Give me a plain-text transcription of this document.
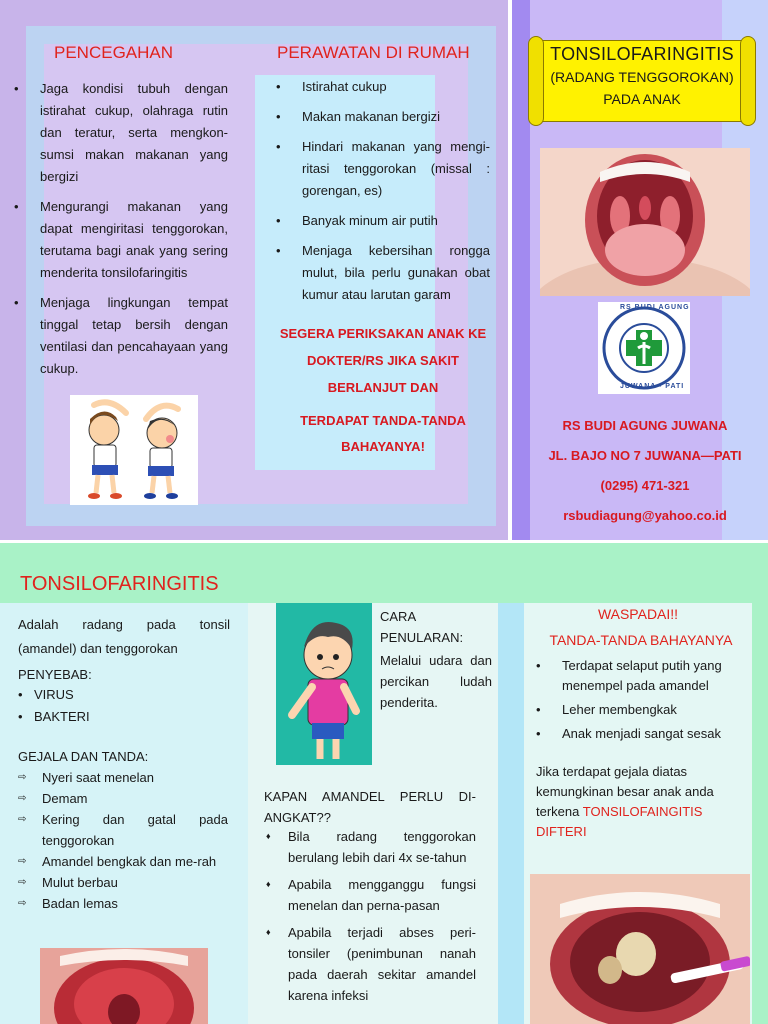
PENCEGAHAN
• Jaga kondisi tubuh dengan istirahat cukup, olahraga rutin dan teratur, serta mengkon-sumsi makan makanan yang bergizi
• Mengurangi makanan yang dapat mengiritasi tenggorokan, terutama bagi anak yang sering menderita tonsilofaringitis
• Menjaga lingkungan tempat tinggal tetap bersih dengan ventilasi dan pencahayaan yang cukup.
PERAWATAN DI RUMAH
• Istirahat cukup
• Makan makanan bergizi
• Hindari makanan yang mengi-ritasi tenggorokan (missal : gorengan, es)
• Banyak minum air putih
• Menjaga kebersihan rongga mulut, bila perlu gunakan obat kumur atau larutan garam
SEGERA PERIKSAKAN ANAK KE DOKTER/RS JIKA SAKIT BERLANJUT DAN
TERDAPAT TANDA-TANDA BAHAYANYA!
TONSILOFARINGITIS
(RADANG TENGGOROKAN)
PADA ANAK
RS BUDI AGUNG
JUWANA - PATI
RS BUDI AGUNG JUWANA
JL. BAJO NO 7 JUWANA—PATI
(0295) 471-321
rsbudiagung@yahoo.co.id
TONSILOFARINGITIS
Adalah radang pada tonsil (amandel) dan tenggorokan
PENYEBAB:
• VIRUS
• BAKTERI
GEJALA DAN TANDA:
⇨ Nyeri saat menelan
⇨ Demam
⇨ Kering dan gatal pada tenggorokan
⇨ Amandel bengkak dan me-rah
⇨ Mulut berbau
⇨ Badan lemas
CARA PENULARAN:
Melalui udara dan percikan ludah penderita.
KAPAN AMANDEL PERLU DI-ANGKAT??
♦ Bila radang tenggorokan berulang lebih dari 4x se-tahun
♦ Apabila mengganggu fungsi menelan dan perna-pasan
♦ Apabila terjadi abses peri-tonsiler (penimbunan nanah pada daerah sekitar amandel karena infeksi
WASPADAI!!
TANDA-TANDA BAHAYANYA
• Terdapat selaput putih yang menempel pada amandel
• Leher membengkak
• Anak menjadi sangat sesak
Jika terdapat gejala diatas kemungkinan besar anak anda terkena TONSILOFAINGITIS DIFTERI
